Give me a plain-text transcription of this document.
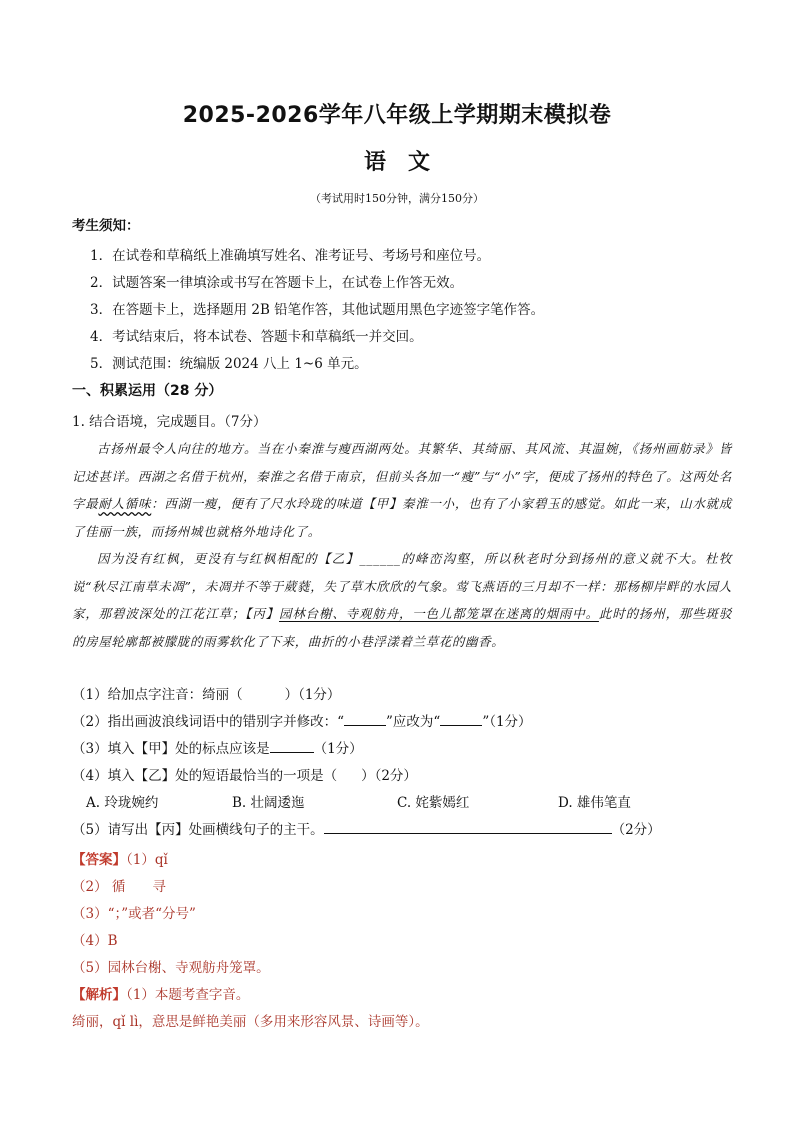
2025-2026学年八年级上学期期末模拟卷
语文
（考试用时150分钟，满分150分）
考生须知：
1．在试卷和草稿纸上准确填写姓名、准考证号、考场号和座位号。
2．试题答案一律填涂或书写在答题卡上，在试卷上作答无效。
3．在答题卡上，选择题用 2B 铅笔作答，其他试题用黑色字迹签字笔作答。
4．考试结束后，将本试卷、答题卡和草稿纸一并交回。
5．测试范围：统编版 2024 八上 1~6 单元。
一、积累运用（28 分）
1. 结合语境，完成题目。（7分）

古扬州最令人向往的地方。当在小秦淮与瘦西湖两处。其繁华、其绮丽、其风流、其温婉，《扬州画舫录》皆记述甚详。西湖之名借于杭州，秦淮之名借于南京，但前头各加一“瘦”与“小”字，便成了扬州的特色了。这两处名字最耐人循味：西湖一瘦，便有了尺水玲珑的味道【甲】秦淮一小，也有了小家碧玉的感觉。如此一来，山水就成了佳丽一族，而扬州城也就格外地诗化了。

因为没有红枫，更没有与红枫相配的【乙】______的峰峦沟壑，所以秋老时分到扬州的意义就不大。杜牧说“秋尽江南草未凋”，未凋并不等于葳蕤，失了草木欣欣的气象。莺飞燕语的三月却不一样：那杨柳岸畔的水园人家，那碧波深处的江花江草；【丙】园林台榭、寺观舫舟，一色儿都笼罩在迷离的烟雨中。此时的扬州，那些斑驳的房屋轮廓都被朦胧的雨雾软化了下来，曲折的小巷浮漾着兰草花的幽香。

（1）给加点字注音：绮丽（	）（1分）
（2）指出画波浪线词语中的错别字并修改：“	”应改为“	”（1分）
（3）填入【甲】处的标点应该是	（1分）
（4）填入【乙】处的短语最恰当的一项是（ ）（2分）
A. 玲珑婉约	B. 壮阔逶迤	C. 姹紫嫣红	D. 雄伟笔直
（5）请写出【丙】处画横线句子的主干。	（2分）
【答案】（1）qǐ
（2） 循　　寻
（3）“；”或者“分号”
（4）B
（5）园林台榭、寺观舫舟笼罩。
【解析】（1）本题考查字音。
绮丽，qǐ lì，意思是鲜艳美丽（多用来形容风景、诗画等）。
